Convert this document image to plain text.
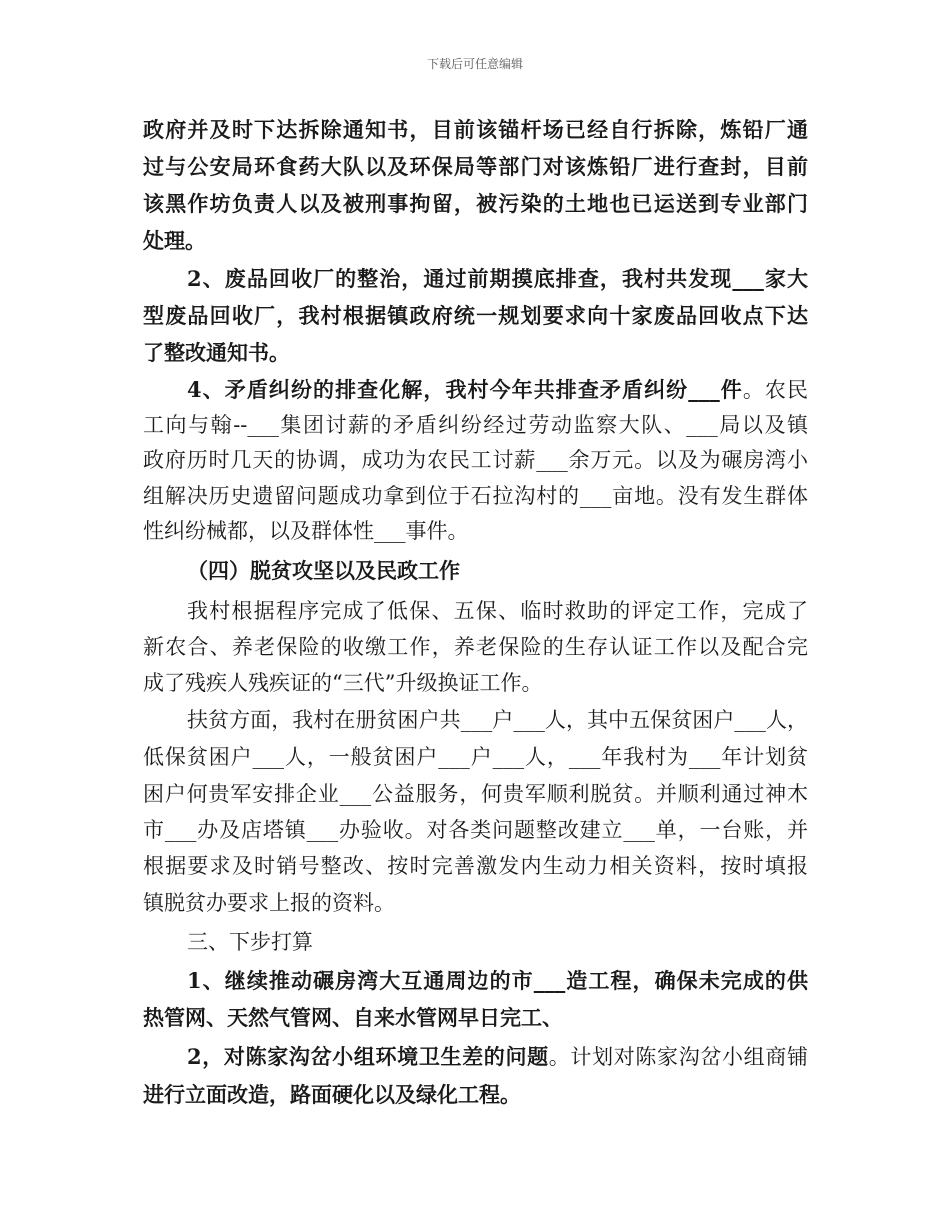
下载后可任意编辑
政府并及时下达拆除通知书，目前该锚杆场已经自行拆除，炼铅厂通
过与公安局环食药大队以及环保局等部门对该炼铅厂进行查封，目前
该黑作坊负责人以及被刑事拘留，被污染的土地也已运送到专业部门
处理。
2、废品回收厂的整治，通过前期摸底排查，我村共发现___家大
型废品回收厂，我村根据镇政府统一规划要求向十家废品回收点下达
了整改通知书。
4、矛盾纠纷的排查化解，我村今年共排查矛盾纠纷___件。农民
工向与翰--___集团讨薪的矛盾纠纷经过劳动监察大队、___局以及镇
政府历时几天的协调，成功为农民工讨薪___余万元。以及为碾房湾小
组解决历史遗留问题成功拿到位于石拉沟村的___亩地。没有发生群体
性纠纷械都，以及群体性___事件。
（四）脱贫攻坚以及民政工作
我村根据程序完成了低保、五保、临时救助的评定工作，完成了
新农合、养老保险的收缴工作，养老保险的生存认证工作以及配合完
成了残疾人残疾证的“三代”升级换证工作。
扶贫方面，我村在册贫困户共___户___人，其中五保贫困户___人，
低保贫困户___人，一般贫困户___户___人，___年我村为___年计划贫
困户何贵军安排企业___公益服务，何贵军顺利脱贫。并顺利通过神木
市___办及店塔镇___办验收。对各类问题整改建立___单，一台账，并
根据要求及时销号整改、按时完善激发内生动力相关资料，按时填报
镇脱贫办要求上报的资料。
三、下步打算
1、继续推动碾房湾大互通周边的市___造工程，确保未完成的供
热管网、天然气管网、自来水管网早日完工、
2，对陈家沟岔小组环境卫生差的问题。计划对陈家沟岔小组商铺
进行立面改造，路面硬化以及绿化工程。
